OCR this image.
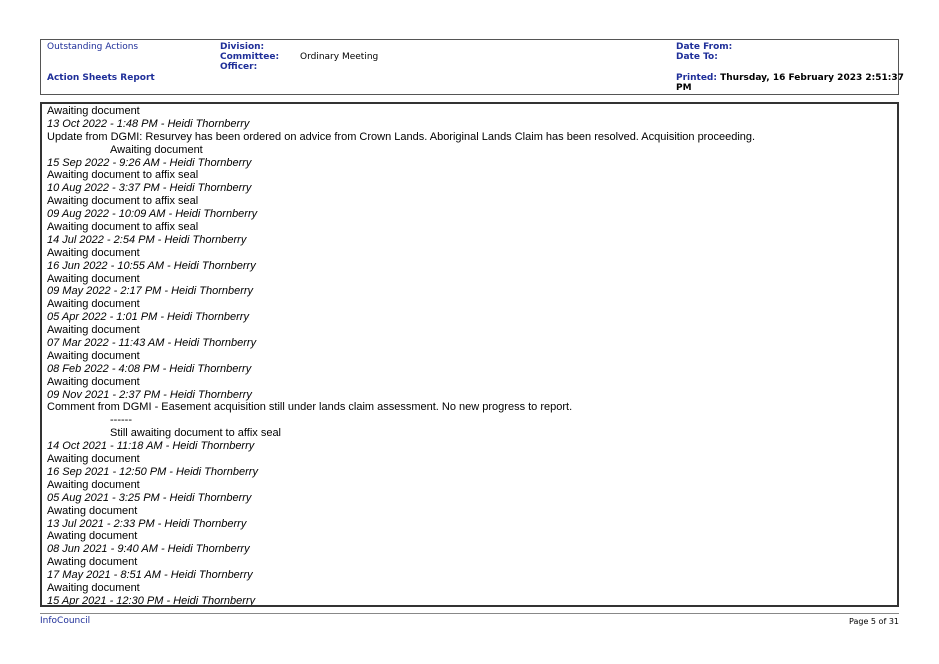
Outstanding Actions
Action Sheets Report
Division:
Committee: Ordinary Meeting
Officer:
Date From:
Date To:
Printed: Thursday, 16 February 2023 2:51:37
PM
Awaiting document
13 Oct 2022 - 1:48 PM - Heidi Thornberry
Update from DGMI: Resurvey has been ordered on advice from Crown Lands. Aboriginal Lands Claim has been resolved. Acquisition proceeding.
Awaiting document
15 Sep 2022 - 9:26 AM - Heidi Thornberry
Awaiting document to affix seal
10 Aug 2022 - 3:37 PM - Heidi Thornberry
Awaiting document to affix seal
09 Aug 2022 - 10:09 AM - Heidi Thornberry
Awaiting document to affix seal
14 Jul 2022 - 2:54 PM - Heidi Thornberry
Awaiting document
16 Jun 2022 - 10:55 AM - Heidi Thornberry
Awaiting document
09 May 2022 - 2:17 PM - Heidi Thornberry
Awaiting document
05 Apr 2022 - 1:01 PM - Heidi Thornberry
Awaiting document
07 Mar 2022 - 11:43 AM - Heidi Thornberry
Awaiting document
08 Feb 2022 - 4:08 PM - Heidi Thornberry
Awaiting document
09 Nov 2021 - 2:37 PM - Heidi Thornberry
Comment from DGMI - Easement acquisition still under lands claim assessment. No new progress to report.
------
Still awaiting document to affix seal
14 Oct 2021 - 11:18 AM - Heidi Thornberry
Awaiting document
16 Sep 2021 - 12:50 PM - Heidi Thornberry
Awaiting document
05 Aug 2021 - 3:25 PM - Heidi Thornberry
Awating document
13 Jul 2021 - 2:33 PM - Heidi Thornberry
Awating document
08 Jun 2021 - 9:40 AM - Heidi Thornberry
Awating document
17 May 2021 - 8:51 AM - Heidi Thornberry
Awaiting document
15 Apr 2021 - 12:30 PM - Heidi Thornberry
InfoCouncil	Page 5 of 31
